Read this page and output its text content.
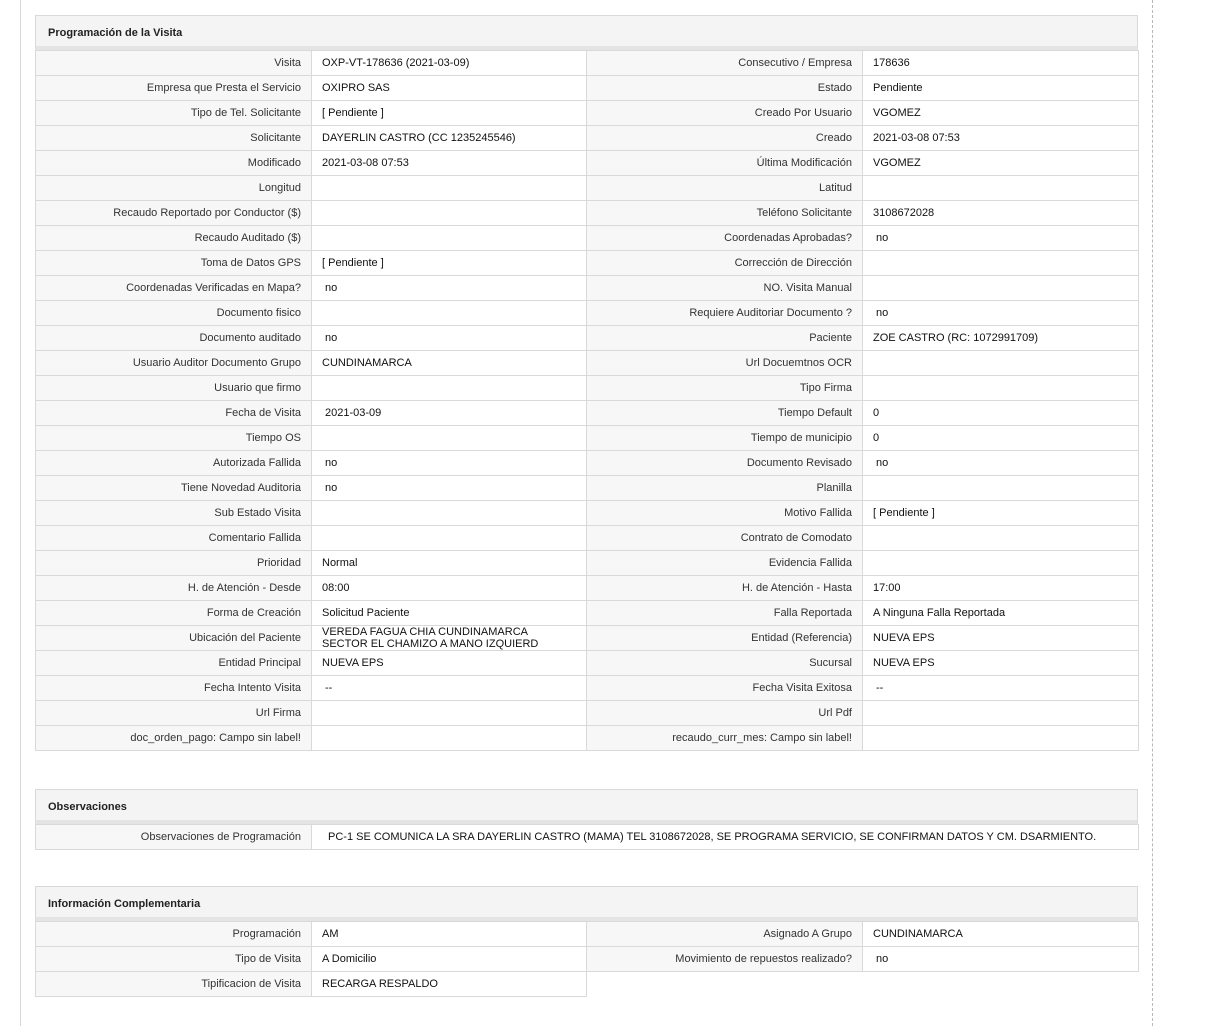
Programación de la Visita
Visita	OXP-VT-178636 (2021-03-09)	Consecutivo / Empresa	178636
Empresa que Presta el Servicio	OXIPRO SAS	Estado	Pendiente
Tipo de Tel. Solicitante	[ Pendiente ]	Creado Por Usuario	VGOMEZ
Solicitante	DAYERLIN CASTRO (CC 1235245546)	Creado	2021-03-08 07:53
Modificado	2021-03-08 07:53	Última Modificación	VGOMEZ
Longitud		Latitud	
Recaudo Reportado por Conductor ($)		Teléfono Solicitante	3108672028
Recaudo Auditado ($)		Coordenadas Aprobadas?	no
Toma de Datos GPS	[ Pendiente ]	Corrección de Dirección	
Coordenadas Verificadas en Mapa?	no	NO. Visita Manual	
Documento fisico		Requiere Auditoriar Documento ?	no
Documento auditado	no	Paciente	ZOE CASTRO (RC: 1072991709)
Usuario Auditor Documento Grupo	CUNDINAMARCA	Url Docuemtnos OCR	
Usuario que firmo		Tipo Firma	
Fecha de Visita	2021-03-09	Tiempo Default	0
Tiempo OS		Tiempo de municipio	0
Autorizada Fallida	no	Documento Revisado	no
Tiene Novedad Auditoria	no	Planilla	
Sub Estado Visita		Motivo Fallida	[ Pendiente ]
Comentario Fallida		Contrato de Comodato	
Prioridad	Normal	Evidencia Fallida	
H. de Atención - Desde	08:00	H. de Atención - Hasta	17:00
Forma de Creación	Solicitud Paciente	Falla Reportada	A Ninguna Falla Reportada
Ubicación del Paciente	VEREDA FAGUA CHIA CUNDINAMARCA SECTOR EL CHAMIZO A MANO IZQUIERD	Entidad (Referencia)	NUEVA EPS
Entidad Principal	NUEVA EPS	Sucursal	NUEVA EPS
Fecha Intento Visita	--	Fecha Visita Exitosa	--
Url Firma		Url Pdf	
doc_orden_pago: Campo sin label!		recaudo_curr_mes: Campo sin label!	
Observaciones
Observaciones de Programación	PC-1 SE COMUNICA LA SRA DAYERLIN CASTRO (MAMA) TEL 3108672028, SE PROGRAMA SERVICIO, SE CONFIRMAN DATOS Y CM. DSARMIENTO.
Información Complementaria
Programación	AM	Asignado A Grupo	CUNDINAMARCA
Tipo de Visita	A Domicilio	Movimiento de repuestos realizado?	no
Tipificacion de Visita	RECARGA RESPALDO		
